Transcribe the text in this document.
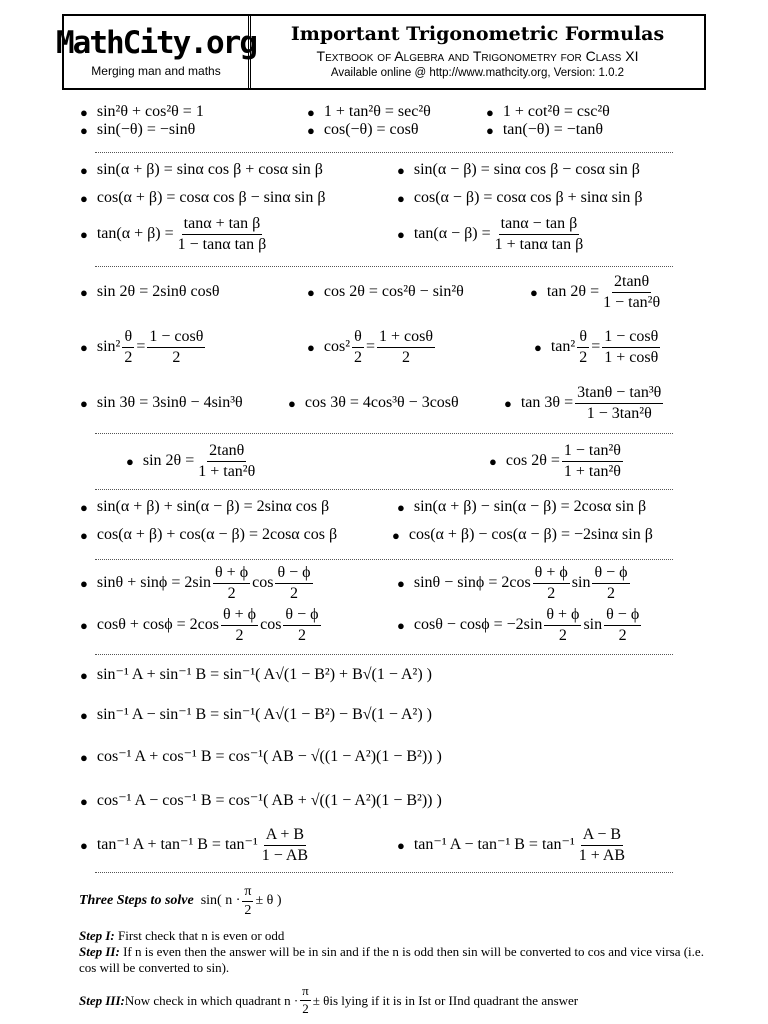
MathCity.org
Merging man and maths
Important Trigonometric Formulas
Textbook of Algebra and Trigonometry for Class XI
Available online @ http://www.mathcity.org, Version: 1.0.2
● sin²θ + cos²θ = 1	● 1 + tan²θ = sec²θ	● 1 + cot²θ = csc²θ
● sin(−θ) = −sinθ	● cos(−θ) = cosθ	● tan(−θ) = −tanθ
● sin(α + β) = sinα cos β + cosα sin β	● sin(α − β) = sinα cos β − cosα sin β
● cos(α + β) = cosα cos β − sinα sin β	● cos(α − β) = cosα cos β + sinα sin β
● $\tan(\alpha + \beta) = \frac{\text{tanα + tan β}}{\text{1 − tanα tan β}}$	● $\tan(\alpha - \beta) = \frac{\text{tanα − tan β}}{\text{1 + tanα tan β}}$
● sin 2θ = 2sinθ cosθ	● cos 2θ = cos²θ − sin²θ	● $\tan 2\theta = \frac{2\tan\theta}{\text{1 − tan²θ}}$
● $\sin^2 \frac{\theta}{2} = \frac{1 - \cos\theta}{2}$	● $\cos^2 \frac{\theta}{2} = \frac{1 + \cos\theta}{2}$	● $\tan^2 \frac{\theta}{2} = \frac{1 - \cos\theta}{1 + \cos\theta}$
● sin 3θ = 3sinθ − 4sin³θ	● cos 3θ = 4cos³θ − 3cosθ	● $\tan 3\theta = \frac{\text{3tanθ − tan³θ}}{\text{1 − 3tan²θ}}$
● $\sin 2\theta = \frac{2\tan\theta}{\text{1 + tan²θ}}$	● $\cos 2\theta = \frac{\text{1 − tan²θ}}{\text{1 + tan²θ}}$
● sin(α + β) + sin(α − β) = 2sinα cos β	● sin(α + β) − sin(α − β) = 2cosα sin β
● cos(α + β) + cos(α − β) = 2cosα cos β	● cos(α + β) − cos(α − β) = −2sinα sin β
● $\sin\theta + \sin\phi = 2\sin \frac{\theta + \phi}{2}$ $\cos \frac{\theta - \phi}{2}$	● $\sin\theta - \sin\phi = 2\cos \frac{\theta + \phi}{2}$ $\sin \frac{\theta - \phi}{2}$
● $\cos\theta + \cos\phi = 2\cos \frac{\theta + \phi}{2}$ $\cos \frac{\theta - \phi}{2}$	● $\cos\theta - \cos\phi = -2\sin \frac{\theta + \phi}{2}$ $\sin \frac{\theta - \phi}{2}$
● sin⁻¹ A + sin⁻¹ B = sin⁻¹( A√(1 − B²) + B√(1 − A²) )
● sin⁻¹ A − sin⁻¹ B = sin⁻¹( A√(1 − B²) − B√(1 − A²) )
● cos⁻¹ A + cos⁻¹ B = cos⁻¹( AB − √((1 − A²)(1 − B²)) )
● cos⁻¹ A − cos⁻¹ B = cos⁻¹( AB + √((1 − A²)(1 − B²)) )
● tan⁻¹ A + tan⁻¹ $B = \tan^{-1} \frac{A + B}{1 - AB}$	● tan⁻¹ A − tan⁻¹ $B = \tan^{-1} \frac{A - B}{1 + AB}$
Three Steps to solve
sin( $n \cdot \frac{\pi}{2} \pm \theta$ )
Step I: First check that n is even or odd
Step II: If n is even then the answer will be in sin and if the n is odd then sin will be converted to cos and vice virsa (i.e. cos will be converted to sin).
Step III: Now check in which quadrant
$n \cdot \frac{\pi}{2} \pm \theta$ is lying if it is in Ist or IInd quadrant the answer
